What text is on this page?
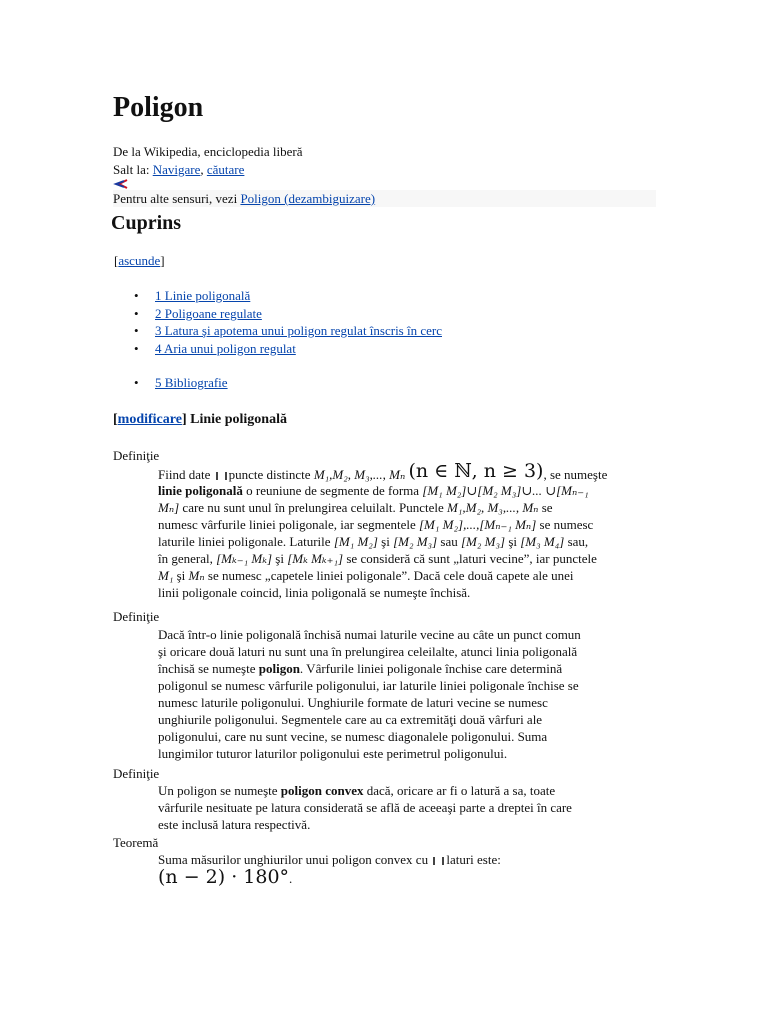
Poligon
De la Wikipedia, enciclopedia liberă
Salt la: Navigare, căutare
Pentru alte sensuri, vezi Poligon (dezambiguizare)
Cuprins
[ascunde]
• 1 Linie poligonală
• 2 Poligoane regulate
• 3 Latura şi apotema unui poligon regulat înscris în cerc
• 4 Aria unui poligon regulat
• 5 Bibliografie
[modificare] Linie poligonală
Definiţie
Fiind date puncte distincte M₁,M₂, M₃,..., Mₙ (n ∈ ℕ, n ≥ 3), se numeşte
linie poligonală o reuniune de segmente de forma [M₁ M₂]∪[M₂ M₃]∪... ∪[Mₙ₋₁
Mₙ] care nu sunt unul în prelungirea celuilalt. Punctele M₁,M₂, M₃,..., Mₙ se
numesc vârfurile liniei poligonale, iar segmentele [M₁ M₂],...,[Mₙ₋₁ Mₙ] se numesc
laturile liniei poligonale. Laturile [M₁ M₂] şi [M₂ M₃] sau [M₂ M₃] şi [M₃ M₄] sau,
în general, [Mₖ₋₁ Mₖ] şi [Mₖ Mₖ₊₁] se consideră că sunt „laturi vecine”, iar punctele
M₁ şi Mₙ se numesc „capetele liniei poligonale”. Dacă cele două capete ale unei
linii poligonale coincid, linia poligonală se numeşte închisă.
Definiţie
Dacă într-o linie poligonală închisă numai laturile vecine au câte un punct comun
şi oricare două laturi nu sunt una în prelungirea celeilalte, atunci linia poligonală
închisă se numeşte poligon. Vârfurile liniei poligonale închise care determină
poligonul se numesc vârfurile poligonului, iar laturile liniei poligonale închise se
numesc laturile poligonului. Unghiurile formate de laturi vecine se numesc
unghiurile poligonului. Segmentele care au ca extremităţi două vârfuri ale
poligonului, care nu sunt vecine, se numesc diagonalele poligonului. Suma
lungimilor tuturor laturilor poligonului este perimetrul poligonului.
Definiţie
Un poligon se numeşte poligon convex dacă, oricare ar fi o latură a sa, toate
vârfurile nesituate pe latura considerată se află de aceeaşi parte a dreptei în care
este inclusă latura respectivă.
Teoremă
Suma măsurilor unghiurilor unui poligon convex cu laturi este:
(n − 2) · 180°.
